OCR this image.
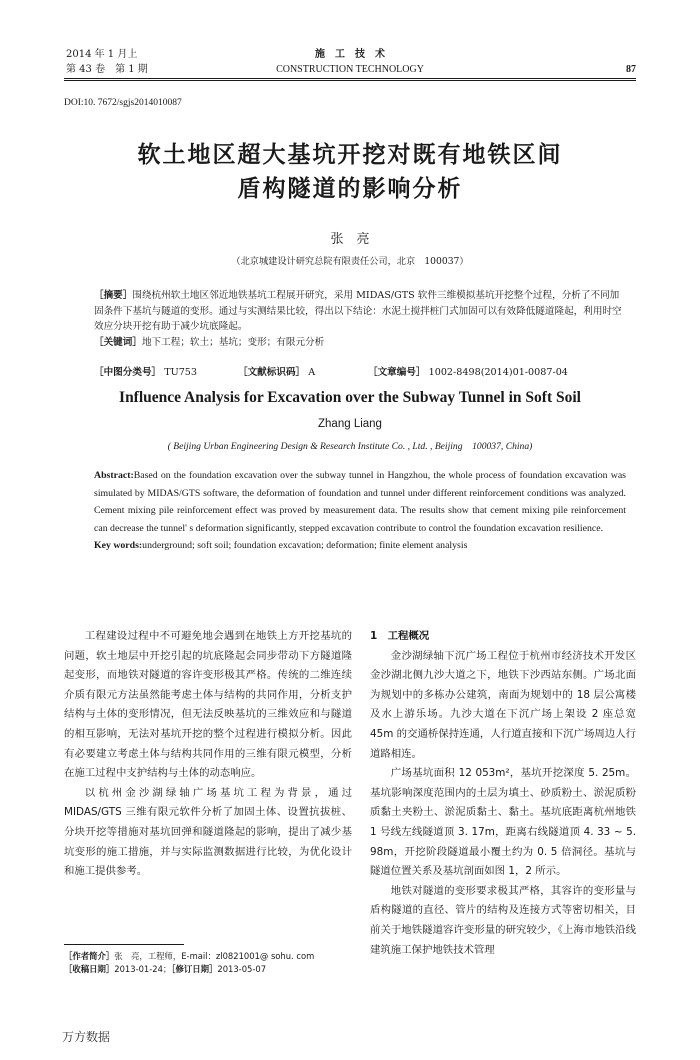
2014 年 1 月上
第 43 卷　第 1 期
施　工　技　术
CONSTRUCTION TECHNOLOGY	87
DOI:10. 7672/sgjs2014010087
软土地区超大基坑开挖对既有地铁区间
盾构隧道的影响分析
张　亮
（北京城建设计研究总院有限责任公司，北京　100037）
［摘要］围绕杭州软土地区邻近地铁基坑工程展开研究，采用 MIDAS/GTS 软件三维模拟基坑开挖整个过程，分析了不同加固条件下基坑与隧道的变形。通过与实测结果比较，得出以下结论：水泥土搅拌桩门式加固可以有效降低隧道隆起，利用时空效应分块开挖有助于减少坑底隆起。
［关键词］地下工程；软土；基坑；变形；有限元分析
［中图分类号］ TU753	［文献标识码］ A	［文章编号］ 1002-8498(2014)01-0087-04
Influence Analysis for Excavation over the Subway Tunnel in Soft Soil
Zhang Liang
( Beijing Urban Engineering Design & Research Institute Co. , Ltd. , Beijing　100037, China)
Abstract:Based on the foundation excavation over the subway tunnel in Hangzhou, the whole process of foundation excavation was simulated by MIDAS/GTS software, the deformation of foundation and tunnel under different reinforcement conditions was analyzed. Cement mixing pile reinforcement effect was proved by measurement data. The results show that cement mixing pile reinforcement can decrease the tunnel' s deformation significantly, stepped excavation contribute to control the foundation excavation resilience.
Key words:underground; soft soil; foundation excavation; deformation; finite element analysis

工程建设过程中不可避免地会遇到在地铁上方开挖基坑的问题，软土地层中开挖引起的坑底隆起会同步带动下方隧道隆起变形，而地铁对隧道的容许变形极其严格。传统的二维连续介质有限元方法虽然能考虑土体与结构的共同作用，分析支护结构与土体的变形情况，但无法反映基坑的三维效应和与隧道的相互影响，无法对基坑开挖的整个过程进行模拟分析。因此有必要建立考虑土体与结构共同作用的三维有限元模型，分析在施工过程中支护结构与土体的动态响应。

以杭州金沙湖绿轴广场基坑工程为背景，通过 MIDAS/GTS 三维有限元软件分析了加固土体、设置抗拔桩、分块开挖等措施对基坑回弹和隧道隆起的影响，提出了减少基坑变形的施工措施，并与实际监测数据进行比较，为优化设计和施工提供参考。

［作者简介］张　亮，工程师，E-mail：zl0821001@ sohu. com
［收稿日期］2013-01-24；［修订日期］2013-05-07

1　工程概况

金沙湖绿轴下沉广场工程位于杭州市经济技术开发区金沙湖北侧九沙大道之下，地铁下沙西站东侧。广场北面为规划中的多栋办公建筑，南面为规划中的 18 层公寓楼及水上游乐场。九沙大道在下沉广场上架设 2 座总宽 45m 的交通桥保持连通，人行道直接和下沉广场周边人行道路相连。

广场基坑面积 12 053m²，基坑开挖深度 5. 25m。基坑影响深度范围内的土层为填土、砂质粉土、淤泥质粉质黏土夹粉土、淤泥质黏土、黏土。基坑底距离杭州地铁 1 号线左线隧道顶 3. 17m，距离右线隧道顶 4. 33 ~ 5. 98m，开挖阶段隧道最小覆土约为 0. 5 倍洞径。基坑与隧道位置关系及基坑剖面如图 1，2 所示。

地铁对隧道的变形要求极其严格，其容许的变形量与盾构隧道的直径、管片的结构及连接方式等密切相关，目前关于地铁隧道容许变形量的研究较少，《上海市地铁沿线建筑施工保护地铁技术管理

万方数据
